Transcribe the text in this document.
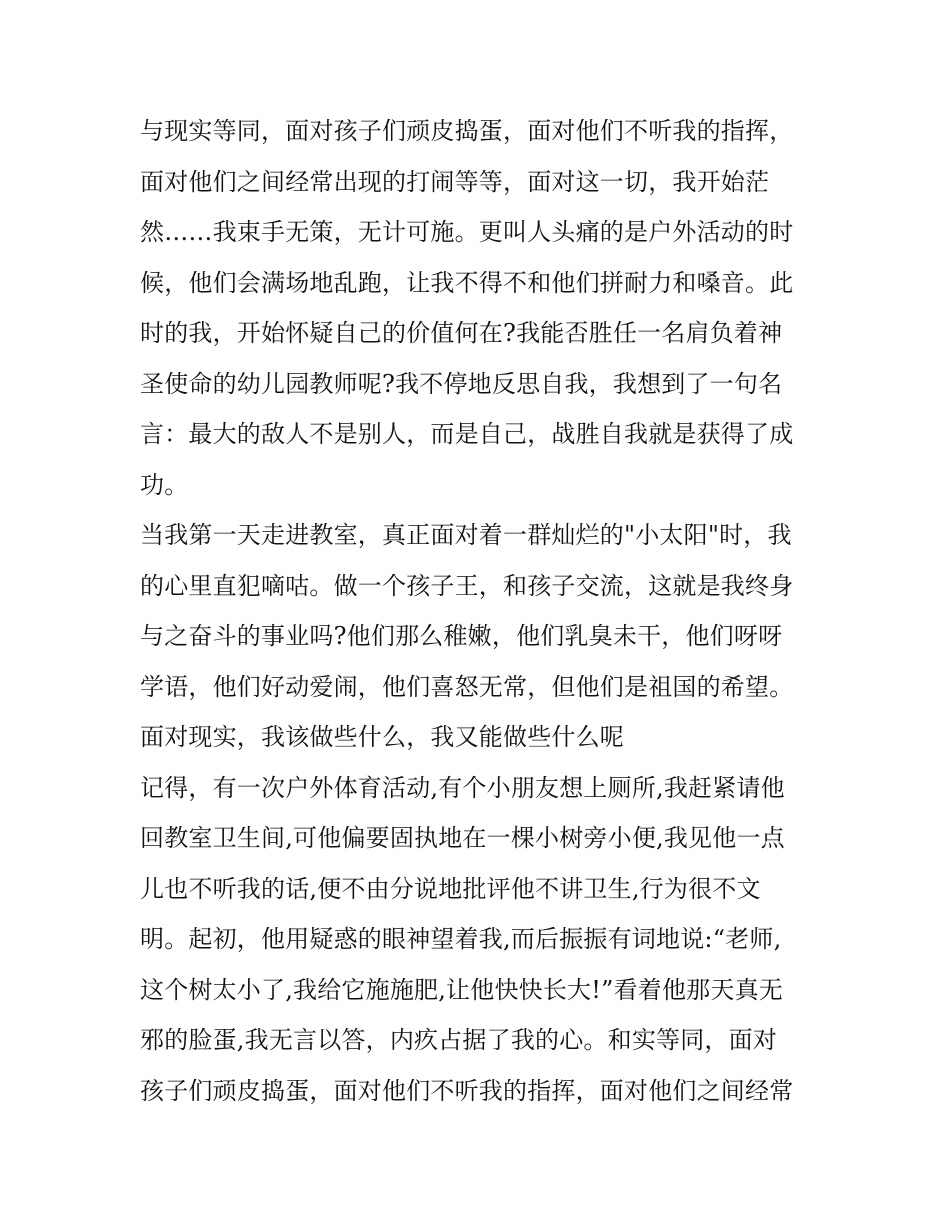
与现实等同，面对孩子们顽皮捣蛋，面对他们不听我的指挥，
面对他们之间经常出现的打闹等等，面对这一切，我开始茫
然……我束手无策，无计可施。更叫人头痛的是户外活动的时
候，他们会满场地乱跑，让我不得不和他们拼耐力和嗓音。此
时的我，开始怀疑自己的价值何在?我能否胜任一名肩负着神
圣使命的幼儿园教师呢?我不停地反思自我，我想到了一句名
言：最大的敌人不是别人，而是自己，战胜自我就是获得了成
功。
当我第一天走进教室，真正面对着一群灿烂的"小太阳"时，我
的心里直犯嘀咕。做一个孩子王，和孩子交流，这就是我终身
与之奋斗的事业吗?他们那么稚嫩，他们乳臭未干，他们呀呀
学语，他们好动爱闹，他们喜怒无常，但他们是祖国的希望。
面对现实，我该做些什么，我又能做些什么呢
记得，有一次户外体育活动,有个小朋友想上厕所,我赶紧请他
回教室卫生间,可他偏要固执地在一棵小树旁小便,我见他一点
儿也不听我的话,便不由分说地批评他不讲卫生,行为很不文
明。起初，他用疑惑的眼神望着我,而后振振有词地说:“老师,
这个树太小了,我给它施施肥,让他快快长大!”看着他那天真无
邪的脸蛋,我无言以答，内疚占据了我的心。和实等同，面对
孩子们顽皮捣蛋，面对他们不听我的指挥，面对他们之间经常
